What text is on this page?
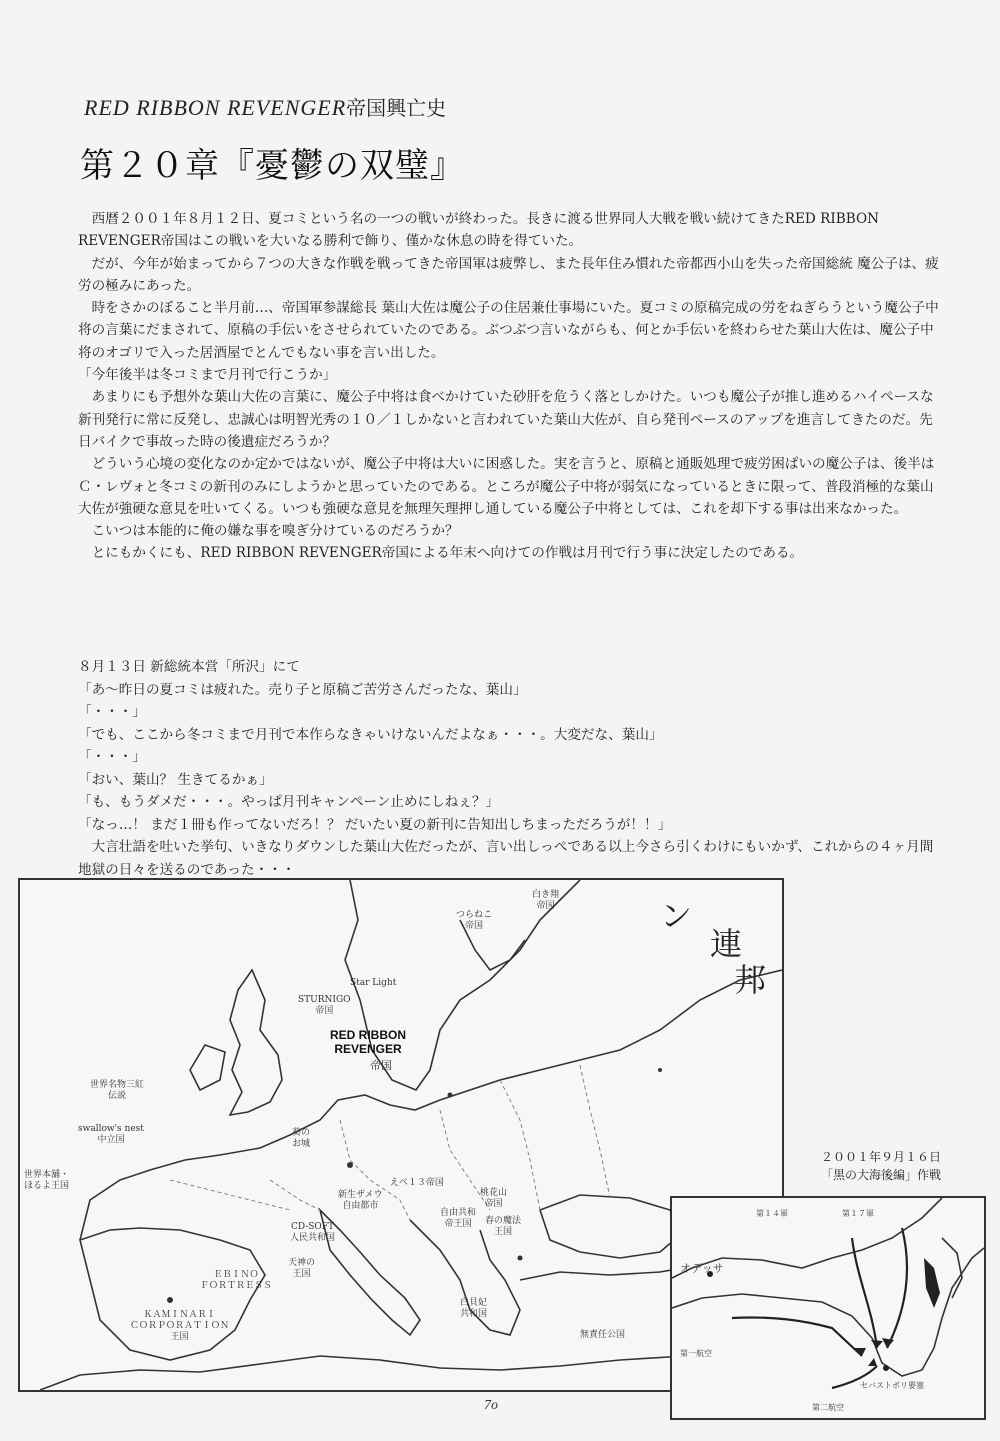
RED RIBBON REVENGER帝国興亡史
第２０章『憂鬱の双璧』

西暦２００１年８月１２日、夏コミという名の一つの戦いが終わった。長きに渡る世界同人大戦を戦い続けてきたRED RIBBON REVENGER帝国はこの戦いを大いなる勝利で飾り、僅かな休息の時を得ていた。

だが、今年が始まってから７つの大きな作戦を戦ってきた帝国軍は疲弊し、また長年住み慣れた帝都西小山を失った帝国総統 魔公子は、疲労の極みにあった。

時をさかのぼること半月前…、帝国軍参謀総長 葉山大佐は魔公子の住居兼仕事場にいた。夏コミの原稿完成の労をねぎらうという魔公子中将の言葉にだまされて、原稿の手伝いをさせられていたのである。ぶつぶつ言いながらも、何とか手伝いを終わらせた葉山大佐は、魔公子中将のオゴリで入った居酒屋でとんでもない事を言い出した。

「今年後半は冬コミまで月刊で行こうか」

あまりにも予想外な葉山大佐の言葉に、魔公子中将は食べかけていた砂肝を危うく落としかけた。いつも魔公子が推し進めるハイペースな新刊発行に常に反発し、忠誠心は明智光秀の１０／１しかないと言われていた葉山大佐が、自ら発刊ペースのアップを進言してきたのだ。先日バイクで事故った時の後遺症だろうか？

どういう心境の変化なのか定かではないが、魔公子中将は大いに困惑した。実を言うと、原稿と通販処理で疲労困ぱいの魔公子は、後半はＣ・レヴォと冬コミの新刊のみにしようかと思っていたのである。ところが魔公子中将が弱気になっているときに限って、普段消極的な葉山大佐が強硬な意見を吐いてくる。いつも強硬な意見を無理矢理押し通している魔公子中将としては、これを却下する事は出来なかった。

こいつは本能的に俺の嫌な事を嗅ぎ分けているのだろうか？

とにもかくにも、RED RIBBON REVENGER帝国による年末へ向けての作戦は月刊で行う事に決定したのである。

８月１３日 新総統本営「所沢」にて

「あ～昨日の夏コミは疲れた。売り子と原稿ご苦労さんだったな、葉山」

「・・・」

「でも、ここから冬コミまで月刊で本作らなきゃいけないんだよなぁ・・・。大変だな、葉山」

「・・・」

「おい、葉山？ 生きてるかぁ」

「も、もうダメだ・・・。やっぱ月刊キャンペーン止めにしねぇ？」

「なっ…！ まだ１冊も作ってないだろ！？ だいたい夏の新刊に告知出しちまっただろうが！！」

大言壮語を吐いた挙句、いきなりダウンした葉山大佐だったが、言い出しっぺである以上今さら引くわけにもいかず、これからの４ヶ月間地獄の日々を送るのであった・・・

ン
連
邦
RED RIBBON
REVENGER
帝国
つらねこ
帝国
白き翔
帝国
STURNIGO
帝国
Star Light
葵の
お城
世界名物三紅
伝説
swallow's nest
中立国
世界本舗・
ほるよ王国
ＥＢＩＮＯ
ＦＯＲＴＲＥＳＳ
ＫＡＭＩＮＡＲＩ
ＣＯＲＰＯＲＡＴＩＯＮ
王国
えべ１３帝国
CD-SOFT
人民共和国
新生ザメウ
自由都市
天神の
王国
自由共和
帝王国
桃花山
帝国
春の魔法
王国
白貝妃
共和国
無責任公国
２００１年９月１６日
「黒の大海後編」作戦
オデッサ
セバストポリ要塞
第１４軍	第１７軍
第一航空
第二航空
7o
